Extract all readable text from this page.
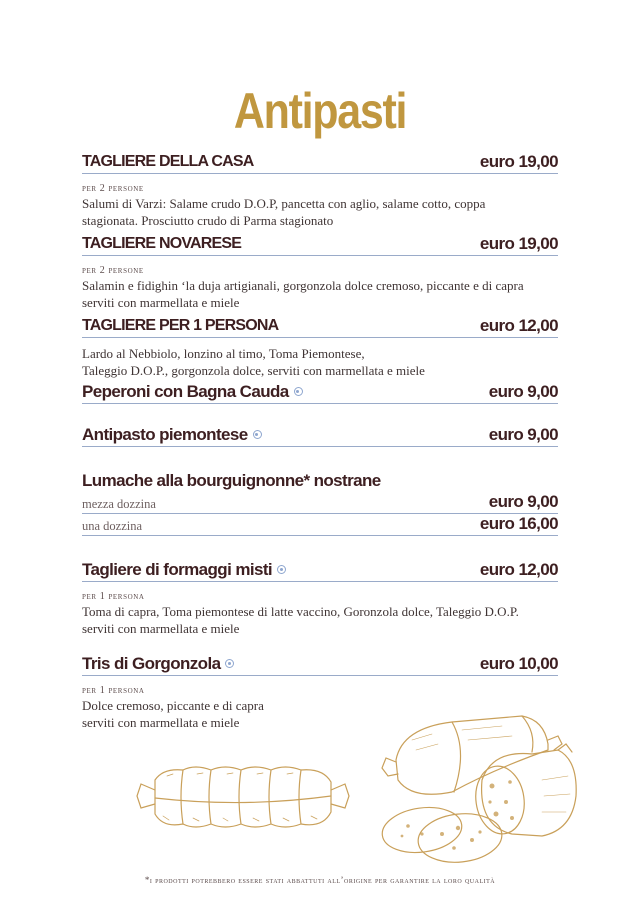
Antipasti
TAGLIERE DELLA CASA	euro 19,00
per 2 persone
Salumi di Varzi: Salame crudo D.O.P, pancetta con aglio, salame cotto, coppa
stagionata. Prosciutto crudo di Parma stagionato
TAGLIERE NOVARESE	euro 19,00
per 2 persone
Salamin e fidighin ‘la duja artigianali, gorgonzola dolce cremoso, piccante e di capra
serviti con marmellata e miele
TAGLIERE PER 1 PERSONA	euro 12,00
Lardo al Nebbiolo, lonzino al timo, Toma Piemontese,
Taleggio D.O.P., gorgonzola dolce, serviti con marmellata e miele
Peperoni con Bagna Cauda	euro 9,00
Antipasto piemontese	euro 9,00
Lumache alla bourguignonne* nostrane
mezza dozzina	euro 9,00
una dozzina	euro 16,00
Tagliere di formaggi misti	euro 12,00
per 1 persona
Toma di capra, Toma piemontese di latte vaccino, Goronzola dolce, Taleggio D.O.P.
serviti con marmellata e miele
Tris di Gorgonzola	euro 10,00
per 1 persona
Dolce cremoso, piccante e di capra
serviti con marmellata e miele
*i prodotti potrebbero essere stati abbattuti all’origine per garantire la loro qualità
